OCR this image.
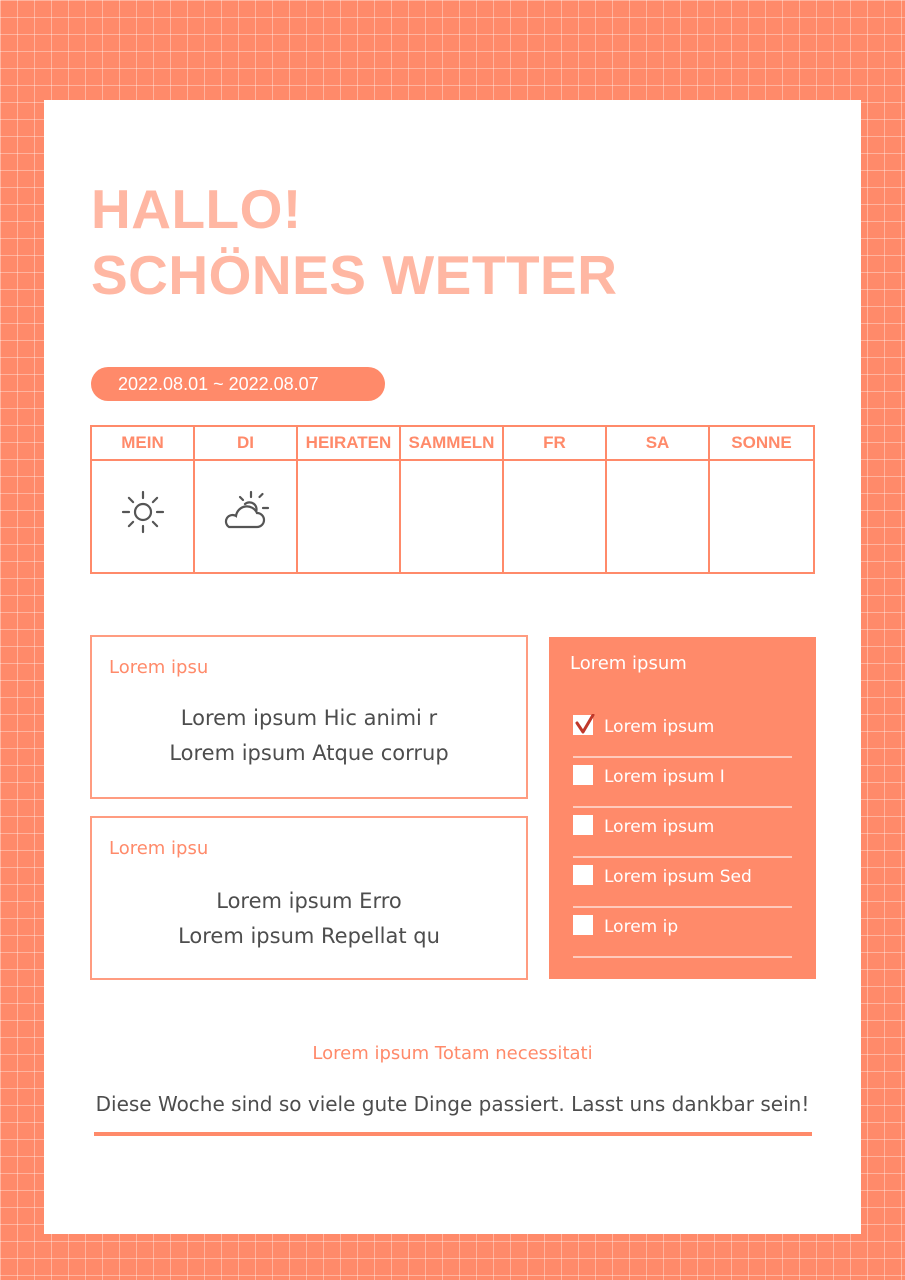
HALLO!
SCHÖNES WETTER
2022.08.01 ~ 2022.08.07
MEIN	DI	HEIRATEN	SAMMELN	FR	SA	SONNE
Lorem ipsu
Lorem ipsum Hic animi r
Lorem ipsum Atque corrup
Lorem ipsu
Lorem ipsum Erro
Lorem ipsum Repellat qu
Lorem ipsum
Lorem ipsum
Lorem ipsum I
Lorem ipsum
Lorem ipsum Sed
Lorem ip
Lorem ipsum Totam necessitati
Diese Woche sind so viele gute Dinge passiert. Lasst uns dankbar sein!
